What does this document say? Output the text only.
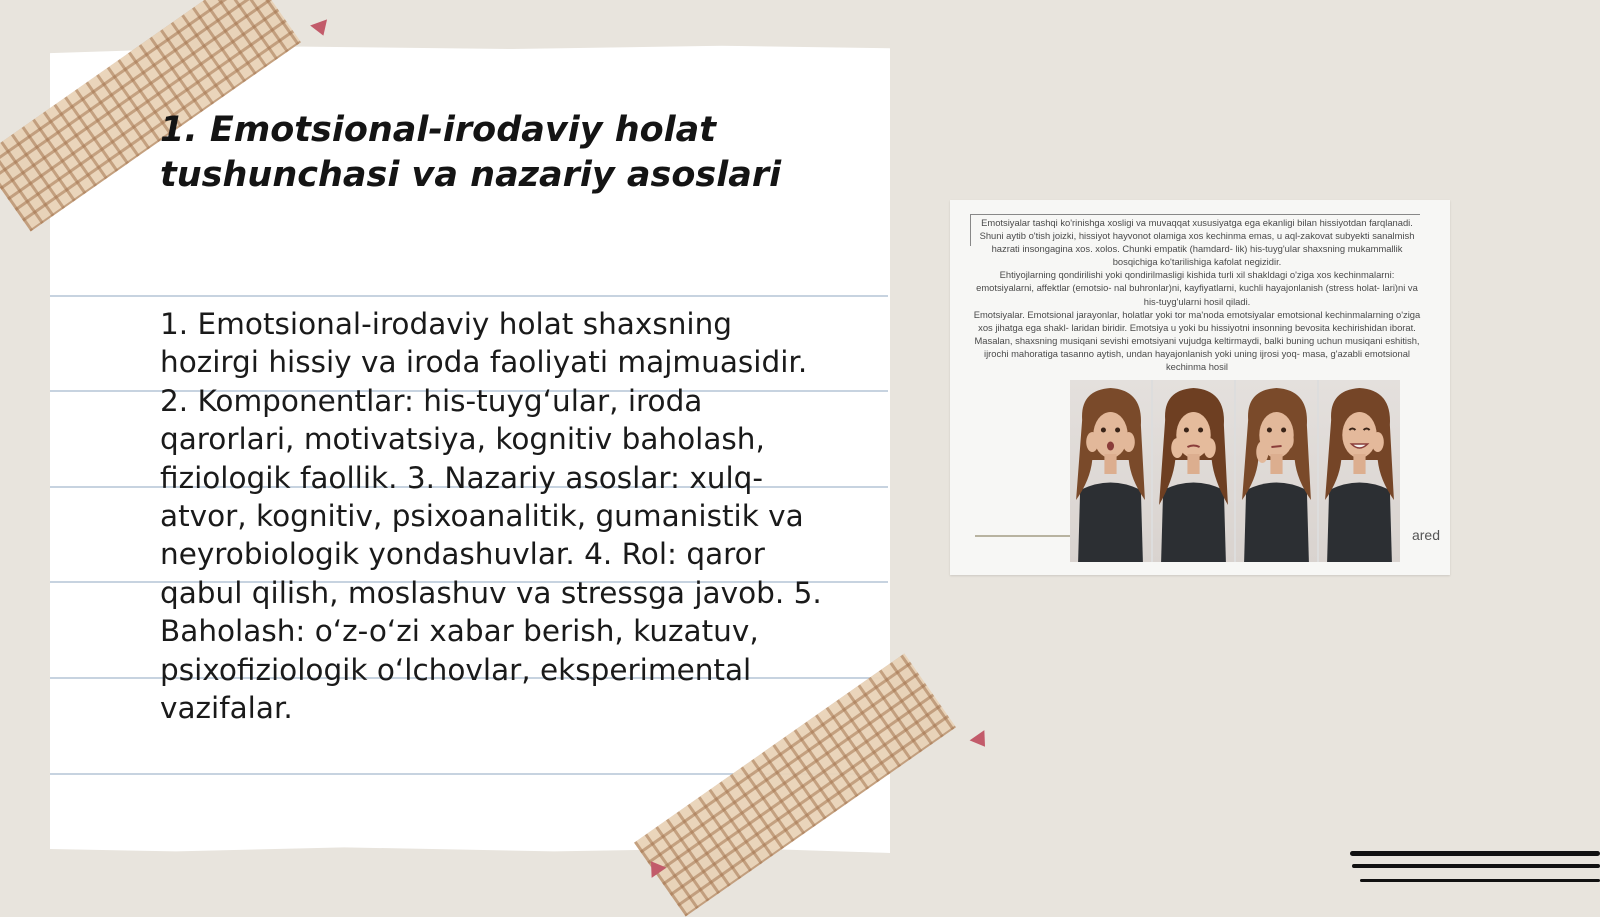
1. Emotsional-irodaviy holat tushunchasi va nazariy asoslari

1. Emotsional-irodaviy holat shaxsning hozirgi hissiy va iroda faoliyati majmuasidir. 2. Komponentlar: his-tuyg‘ular, iroda qarorlari, motivatsiya, kognitiv baholash, fiziologik faollik. 3. Nazariy asoslar: xulq-atvor, kognitiv, psixoanalitik, gumanistik va neyrobiologik yondashuvlar. 4. Rol: qaror qabul qilish, moslashuv va stressga javob. 5. Baholash: o‘z-o‘zi xabar berish, kuzatuv, psixofiziologik o‘lchovlar, eksperimental vazifalar.

Emotsiyalar tashqi ko'rinishga xosligi va muvaqqat xususiyatga ega ekanligi bilan hissiyotdan farqlanadi. Shuni aytib o'tish joizki, hissiyot hayvonot olamiga xos kechinma emas, u aql-zakovat subyekti sanalmish hazrati insongagina xos. xolos. Chunki empatik (hamdard- lik) his-tuyg'ular shaxsning mukammallik bosqichiga ko'tarilishiga kafolat negizidir.
Ehtiyojlarning qondirilishi yoki qondirilmasligi kishida turli xil shakldagi o'ziga xos kechinmalarni: emotsiyalarni, affektlar (emotsio- nal buhronlar)ni, kayfiyatlarni, kuchli hayajonlanish (stress holat- lari)ni va his-tuyg'ularni hosil qiladi.
Emotsiyalar. Emotsional jarayonlar, holatlar yoki tor ma'noda emotsiyalar emotsional kechinmalarning o'ziga xos jihatga ega shakl- laridan biridir. Emotsiya u yoki bu hissiyotni insonning bevosita kechirishidan iborat. Masalan, shaxsning musiqani sevishi emotsiyani vujudga keltirmaydi, balki buning uchun musiqani eshitish, ijrochi mahoratiga tasanno aytish, undan hayajonlanish yoki uning ijrosi yoq- masa, g'azabli emotsional kechinma hosil
ared
